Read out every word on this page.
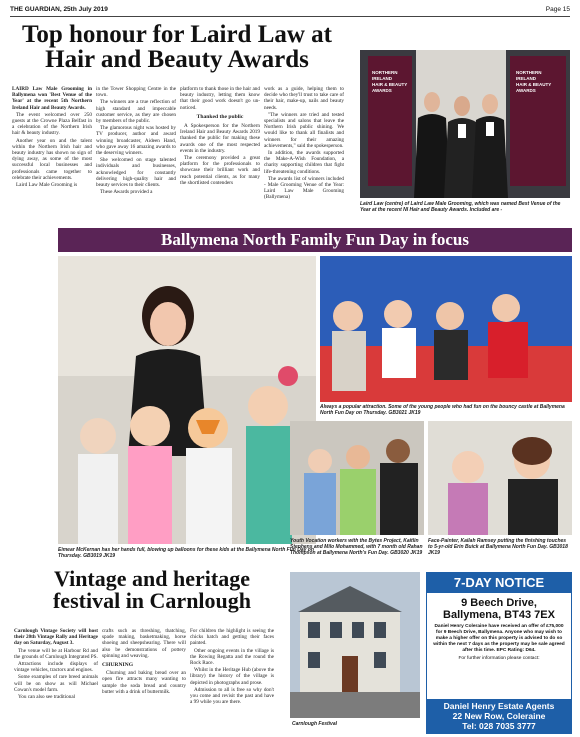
THE GUARDIAN, 25th July 2019	Page 15
Top honour for Laird Law at Hair and Beauty Awards

LAIRD Law Male Grooming in Ballymena won 'Best Venue of the Year' at the recent 5th Northern Ireland Hair and Beauty Awards.

The event welcomed over 250 guests at the Crowne Plaza Belfast in a celebration of the Northern Irish hair & beauty industry.

Another year on and the talent within the Northern Irish hair and beauty industry has shown no sign of dying away, as some of the most successful local businesses and professionals came together to celebrate their achievements.

Laird Law Male Grooming is

in the Tower Shopping Centre in the town.

The winners are a true reflection of high standard and impeccable customer service, as they are chosen by members of the public.

The glamorous night was hosted by TV producer, author and award winning broadcaster, Aideen Hand, who gave away 16 amazing awards to the deserving winners.

She welcomed on stage talented individuals and businesses, acknowledged for constantly delivering high-quality hair and beauty services to their clients.

These Awards provided a

platform to thank those in the hair and beauty industry, letting them know that their good work doesn't go un-noticed.

Thanked the public

A Spokesperson for the Northern Ireland Hair and Beauty Awards 2019 thanked the public for making these awards one of the most respected events in the industry.

The ceremony provided a great platform for the professionals to showcase their brilliant work and reach potential clients, as for many the shortlisted contenders

work as a guide, helping them to decide who they'll trust to take care of their hair, make-up, nails and beauty needs.

"The winners are tried and tested specialists and salons that leave the Northern Irish public shining. We would like to thank all finalists and winners for their amazing achievements," said the spokesperson.

In addition, the awards supported the Make-A-Wish Foundation, a charity supporting children that fight life-threatening conditions.

The awards list of winners included - Male Grooming Venue of the Year: Laird Law Male Grooming (Ballymena)

NORTHERN
IRELAND
HAIR & BEAUTY
AWARDS
NORTHERN
IRELAND
HAIR & BEAUTY
AWARDS
Laird Law (centre) of Laird Law Male Grooming, which was named Best Venue of the Year at the recent NI Hair and Beauty Awards. Included are -
Ballymena North Family Fun Day in focus
Eimear McKernan has her hands full, blowing up balloons for these kids at the Ballymena North Fun Day on Thursday. GB3019 JK19
Always a popular attraction. Some of the young people who had fun on the bouncy castle at Ballymena North Fun Day on Thursday. GB3021 JK19
Youth Vocation workers with the Bytes Project, Kaitlin Stephens and Milo Mohammed, with 7 month old Rahan Thompson at Ballymena North's Fun Day. GB3020 JK19
Face-Painter, Kailah Ramsey putting the finishing touches to 5-yr-old Erin Buick at Ballymena North Fun Day. GB3018 JK19
Vintage and heritage festival in Carnlough

Carnlough Vintage Society will host their 20th Vintage Rally and Heritage day on Saturday, August 3.

The venue will be at Harbour Rd and the grounds of Carnlough Integrated PS.

Attractions include displays of vintage vehicles, tractors and engines.

Some examples of rare breed animals will be on show as will Michael Cowan's model farm.

You can also see traditional

crafts such as threshing, thatching, spade making, basketmaking, horse shoeing and sheepshearing. There will also be demonstrations of pottery spinning and weaving.

CHURNING

Churning and baking bread over an open fire attracts many wanting to sample the soda bread and country butter with a drink of buttermilk.

For children the highlight is seeing the chicks hatch and getting their faces painted.

Other ongoing events in the village is the Rowing Regatta and the round the Rock Race.

Whilst in the Heritage Hub (above the library) the history of the village is depicted in photographs and prose.

Admission to all is free so why don't you come and revisit the past and have a 99 while you are there.

Carnlough Festival
7-DAY NOTICE
9 Beech Drive,
Ballymena, BT43 7EX
Daniel Henry Coleraine have received an offer of £75,000 for 9 Beech Drive, Ballymena. Anyone who may wish to make a higher offer on this property is advised to do so within the next 7 days as the property may be sale agreed after this time. EPC Rating: D64.
For further information please contact:
Daniel Henry Estate Agents
22 New Row, Coleraine
Tel: 028 7035 3777
